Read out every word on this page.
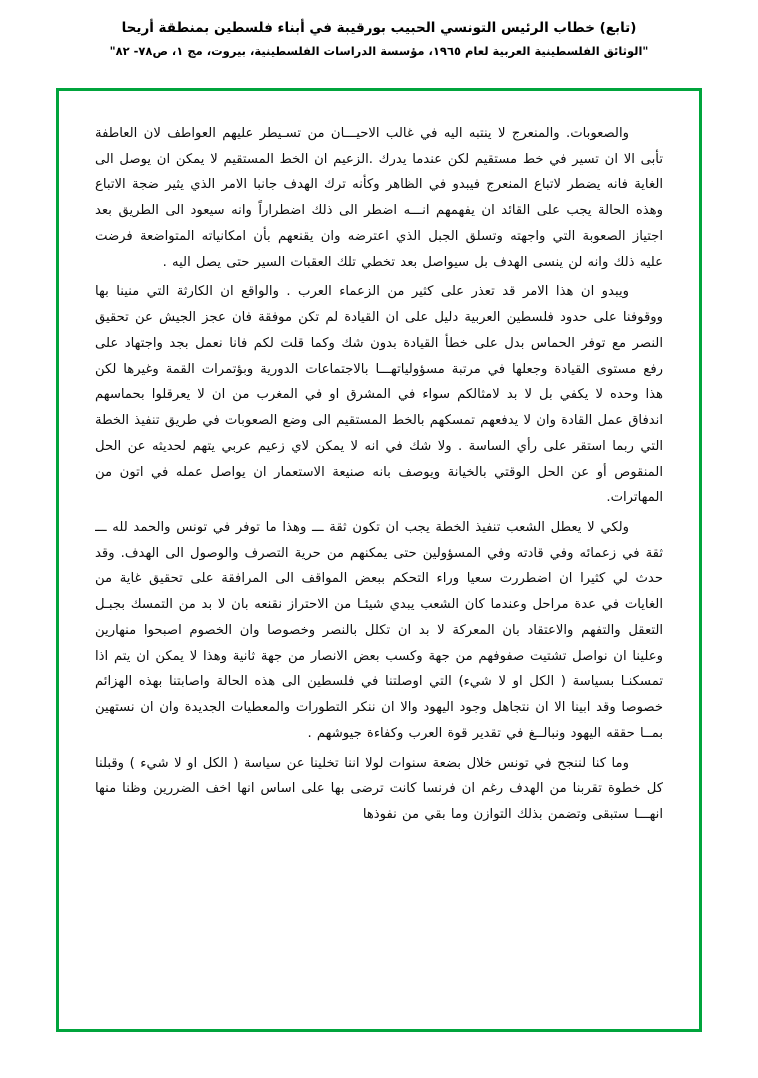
(تابع) خطاب الرئيس التونسي الحبيب بورقيبة في أبناء فلسطين بمنطقة أريحا
"الوثائق الفلسطينية العربية لعام ١٩٦٥، مؤسسة الدراسات الفلسطينية، بيروت، مج ١، ص٧٨- ٨٢"

والصعوبات. والمنعرج لا ينتبه اليه في غالب الاحيـــان من تسـيطر عليهم العواطف لان العاطفة تأبى الا ان تسير في خط مستقيم لكن عندما يدرك .الزعيم ان الخط المستقيم لا يمكن ان يوصل الى الغاية فانه يضطر لاتباع المنعرج فيبدو في الظاهر وكأنه ترك الهدف جانبا الامر الذي يثير ضجة الاتباع وهذه الحالة يجب على القائد ان يفهمهم انـــه اضطر الى ذلك اضطراراً وانه سيعود الى الطريق بعد اجتياز الصعوبة التي واجهته وتسلق الجبل الذي اعترضه وان يقنعهم بأن امكانياته المتواضعة فرضت عليه ذلك وانه لن ينسى الهدف بل سيواصل بعد تخطي تلك العقبات السير حتى يصل اليه .

ويبدو ان هذا الامر قد تعذر على كثير من الزعماء العرب . والواقع ان الكارثة التي منينا بها ووقوفنا على حدود فلسطين العربية دليل على ان القيادة لم تكن موفقة فان عجز الجيش عن تحقيق النصر مع توفر الحماس بدل على خطأ القيادة بدون شك وكما قلت لكم فانا نعمل بجد واجتهاد على رفع مستوى القيادة وجعلها في مرتبة مسؤولياتهـــا بالاجتماعات الدورية وبؤتمرات القمة وغيرها لكن هذا وحده لا يكفي بل لا بد لامثالكم سواء في المشرق او في المغرب من ان لا يعرقلوا بحماسهم اندفاق عمل القادة وان لا يدفعهم تمسكهم بالخط المستقيم الى وضع الصعوبات في طريق تنفيذ الخطة التي ربما استقر على رأي الساسة . ولا شك في انه لا يمكن لاي زعيم عربي يتهم لحديثه عن الحل المنقوص أو عن الحل الوقتي بالخيانة ويوصف بانه صنيعة الاستعمار ان يواصل عمله في اتون من المهاترات.

ولكي لا يعطل الشعب تنفيذ الخطة يجب ان تكون ثقة ـــ وهذا ما توفر في تونس والحمد لله ـــ ثقة في زعمائه وفي قادته وفي المسؤولين حتى يمكنهم من حرية التصرف والوصول الى الهدف. وقد حدث لي كثيرا ان اضطررت سعيا وراء التحكم ببعض المواقف الى المرافقة على تحقيق غاية من الغايات في عدة مراحل وعندما كان الشعب يبدي شيئـا من الاحتراز نقنعه بان لا بد من التمسك بجبـل التعقل والتفهم والاعتقاد بان المعركة لا بد ان تكلل بالنصر وخصوصا وان الخصوم اصبحوا منهارين وعلينا ان نواصل تشتيت صفوفهم من جهة وكسب بعض الانصار من جهة ثانية وهذا لا يمكن ان يتم اذا تمسكنـا بسياسة ( الكل او لا شيء) التي اوصلتنا في فلسطين الى هذه الحالة واصابتنا بهذه الهزائم خصوصا وقد ابينا الا ان نتجاهل وجود اليهود والا ان ننكر التطورات والمعطيات الجديدة وان ان نستهين بمــا حققه اليهود ونبالــغ في تقدير قوة العرب وكفاءة جيوشهم .

وما كنا لننجح في تونس خلال بضعة سنوات لولا اننا تخلينا عن سياسة ( الكل او لا شيء ) وقبلنا كل خطوة تقربنا من الهدف رغم ان فرنسا كانت ترضى بها على اساس انها اخف الضررين وظنا منها انهـــا ستبقى وتضمن بذلك التوازن وما بقي من نفوذها
